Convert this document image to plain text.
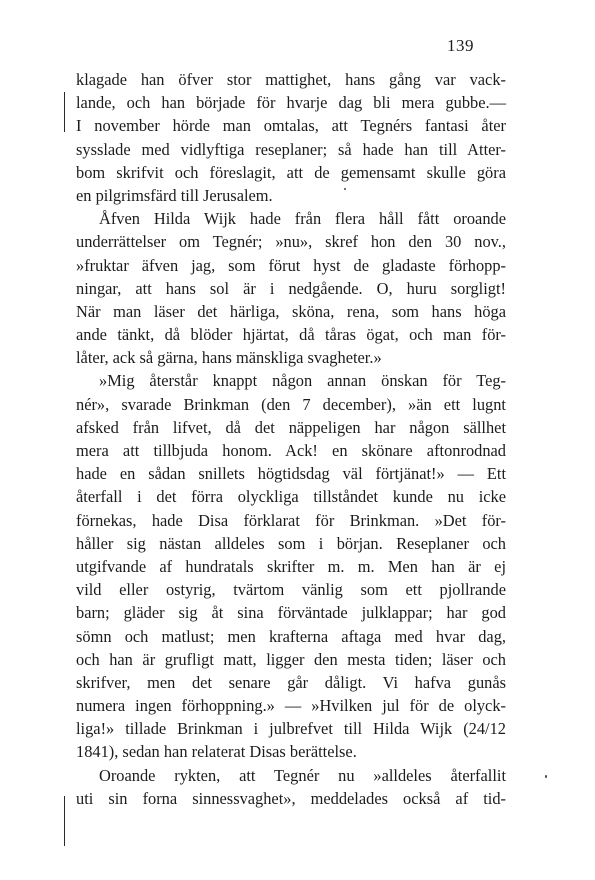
139
klagade han öfver stor mattighet, hans gång var vack-
lande, och han började för hvarje dag bli mera gubbe.—
I november hörde man omtalas, att Tegnérs fantasi åter
sysslade med vidlyftiga reseplaner; så hade han till Atter-
bom skrifvit och föreslagit, att de gemensamt skulle göra
en pilgrimsfärd till Jerusalem.
Åfven Hilda Wijk hade från flera håll fått oroande
underrättelser om Tegnér; »nu», skref hon den 30 nov.,
»fruktar äfven jag, som förut hyst de gladaste förhopp-
ningar, att hans sol är i nedgående. O, huru sorgligt!
När man läser det härliga, sköna, rena, som hans höga
ande tänkt, då blöder hjärtat, då tåras ögat, och man för-
låter, ack så gärna, hans mänskliga svagheter.»
»Mig återstår knappt någon annan önskan för Teg-
nér», svarade Brinkman (den 7 december), »än ett lugnt
afsked från lifvet, då det näppeligen har någon sällhet
mera att tillbjuda honom. Ack! en skönare aftonrodnad
hade en sådan snillets högtidsdag väl förtjänat!» — Ett
återfall i det förra olyckliga tillståndet kunde nu icke
förnekas, hade Disa förklarat för Brinkman. »Det för-
håller sig nästan alldeles som i början. Reseplaner och
utgifvande af hundratals skrifter m. m. Men han är ej
vild eller ostyrig, tvärtom vänlig som ett pjollrande
barn; gläder sig åt sina förväntade julklappar; har god
sömn och matlust; men krafterna aftaga med hvar dag,
och han är grufligt matt, ligger den mesta tiden; läser och
skrifver, men det senare går dåligt. Vi hafva gunås
numera ingen förhoppning.» — »Hvilken jul för de olyck-
liga!» tillade Brinkman i julbrefvet till Hilda Wijk (24/12
1841), sedan han relaterat Disas berättelse.
Oroande rykten, att Tegnér nu »alldeles återfallit
uti sin forna sinnessvaghet», meddelades också af tid-
